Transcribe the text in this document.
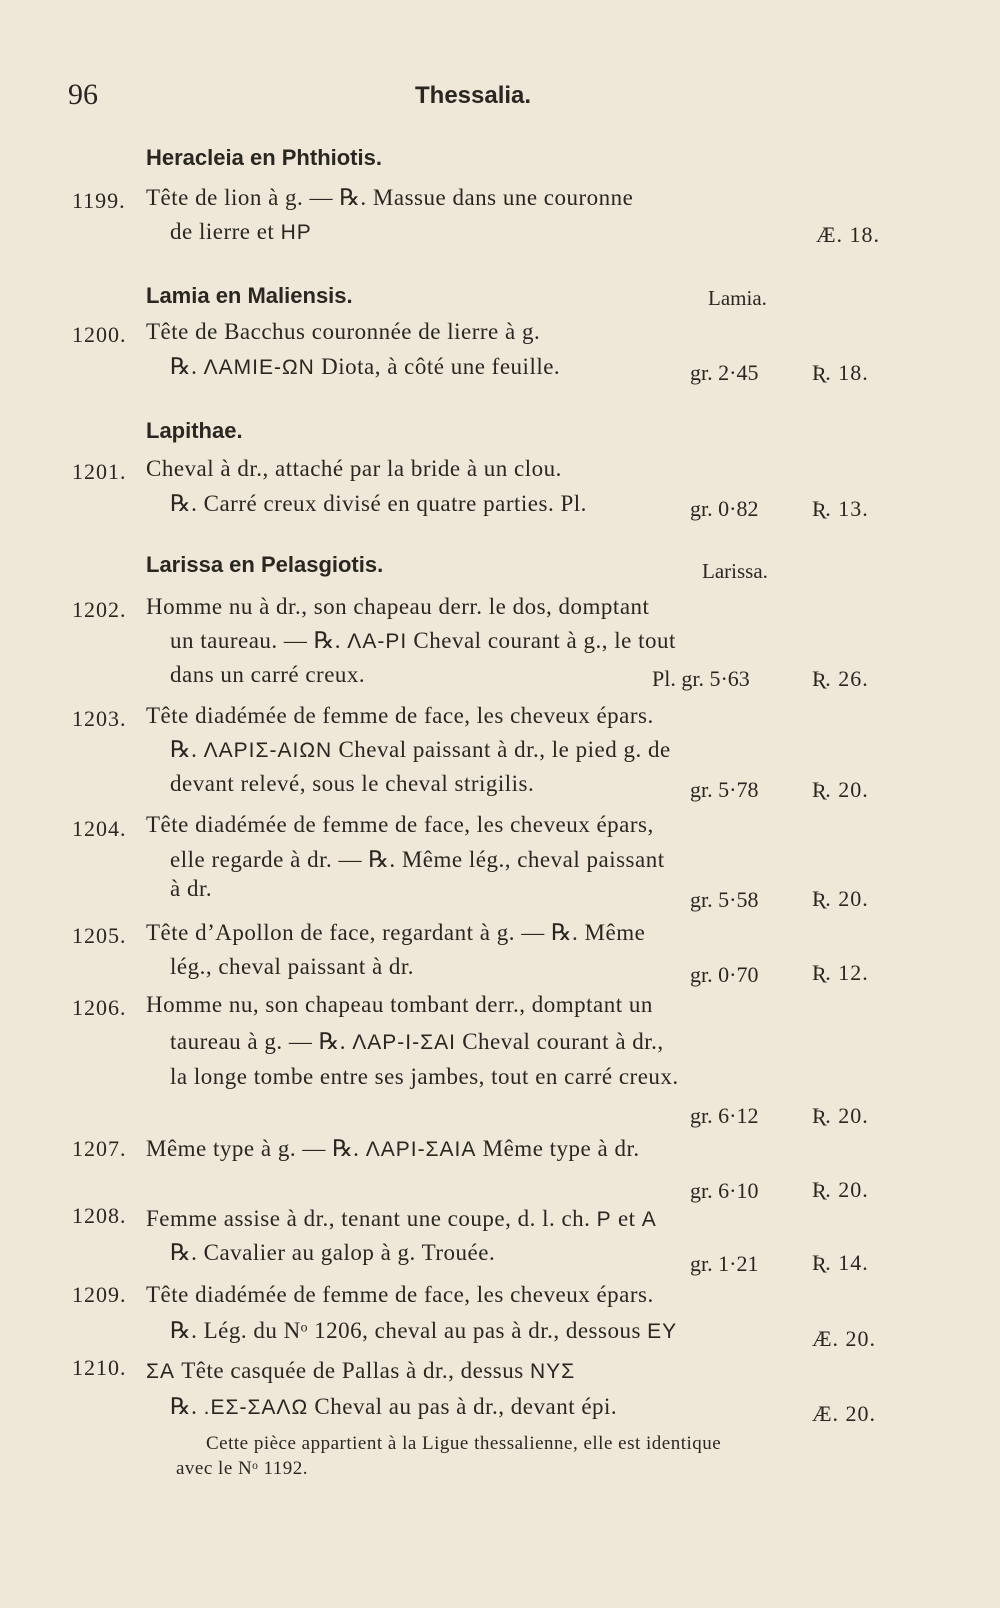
96	Thessalia.
Heracleia en Phthiotis.
1199. Tête de lion à g. — ℞. Massue dans une couronne
de lierre et HP	Æ. 18.
Lamia en Maliensis.	Lamia.
1200. Tête de Bacchus couronnée de lierre à g.
℞. ΛΑΜΙΕ-ΩΝ Diota, à côté une feuille.	gr. 2·45 Ʀ. 18.
Lapithae.
1201. Cheval à dr., attaché par la bride à un clou.
℞. Carré creux divisé en quatre parties. Pl.	gr. 0·82 Ʀ. 13.
Larissa en Pelasgiotis.	Larissa.
1202. Homme nu à dr., son chapeau derr. le dos, domptant
un taureau. — ℞. ΛΑ-ΡΙ Cheval courant à g., le tout
dans un carré creux.	Pl. gr. 5·63	Ʀ. 26.
1203. Tête diadémée de femme de face, les cheveux épars.
℞. ΛΑΡΙΣ-ΑΙΩΝ Cheval paissant à dr., le pied g. de
devant relevé, sous le cheval strigilis.	gr. 5·78 Ʀ. 20.
1204. Tête diadémée de femme de face, les cheveux épars,
elle regarde à dr. — ℞. Même lég., cheval paissant
à dr.	gr. 5·58 Ʀ. 20.
1205. Tête d’Apollon de face, regardant à g. — ℞. Même
lég., cheval paissant à dr.	gr. 0·70 Ʀ. 12.
1206. Homme nu, son chapeau tombant derr., domptant un
taureau à g. — ℞. ΛΑΡ-Ι-ΣΑΙ Cheval courant à dr.,
la longe tombe entre ses jambes, tout en carré creux.
gr. 6·12 Ʀ. 20.
1207. Même type à g. — ℞. ΛΑΡΙ-ΣΑΙΑ Même type à dr.
gr. 6·10 Ʀ. 20.
1208. Femme assise à dr., tenant une coupe, d. l. ch. Ρ et Α
℞. Cavalier au galop à g. Trouée.	gr. 1·21 Ʀ. 14.
1209. Tête diadémée de femme de face, les cheveux épars.
℞. Lég. du Nᵒ 1206, cheval au pas à dr., dessous ΕΥ	Æ. 20.
1210. ΣΑ Tête casquée de Pallas à dr., dessus ΝΥΣ
℞. .ΕΣ-ΣΑΛΩ Cheval au pas à dr., devant épi.	Æ. 20.
Cette pièce appartient à la Ligue thessalienne, elle est identique
avec le Nᵒ 1192.
